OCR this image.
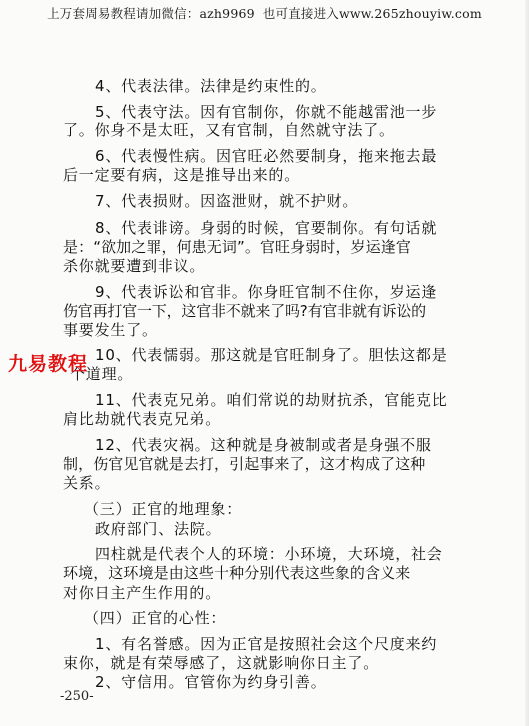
上万套周易教程请加微信：azh9969 也可直接进入www.265zhouyiw.com
4、代表法律。法律是约束性的。
5、代表守法。因有官制你，你就不能越雷池一步
了。你身不是太旺，又有官制，自然就守法了。
6、代表慢性病。因官旺必然要制身，拖来拖去最
后一定要有病，这是推导出来的。
7、代表损财。因盗泄财，就不护财。
8、代表诽谤。身弱的时候，官要制你。有句话就
是：“欲加之罪，何患无词”。官旺身弱时，岁运逢官
杀你就要遭到非议。
9、代表诉讼和官非。你身旺官制不住你，岁运逢
伤官再打官一下，这官非不就来了吗?有官非就有诉讼的
事要发生了。
10、代表懦弱。那这就是官旺制身了。胆怯这都是
个道理。
11、代表克兄弟。咱们常说的劫财抗杀，官能克比
肩比劫就代表克兄弟。
12、代表灾祸。这种就是身被制或者是身强不服
制，伤官见官就是去打，引起事来了，这才构成了这种
关系。
（三）正官的地理象：
政府部门、法院。
四柱就是代表个人的环境：小环境，大环境，社会
环境，这环境是由这些十种分别代表这些象的含义来
对你日主产生作用的。
（四）正官的心性：
1、有名誉感。因为正官是按照社会这个尺度来约
束你，就是有荣辱感了，这就影响你日主了。
2、守信用。官管你为约身引善。
九易教程
-250-
